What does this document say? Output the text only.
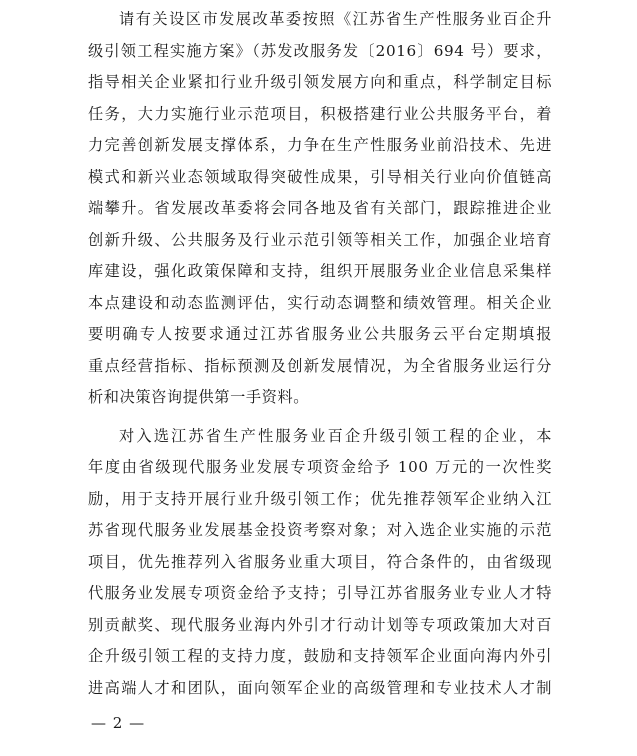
请有关设区市发展改革委按照《江苏省生产性服务业百企升
级引领工程实施方案》（苏发改服务发〔2016〕694 号）要求，
指导相关企业紧扣行业升级引领发展方向和重点，科学制定目标
任务，大力实施行业示范项目，积极搭建行业公共服务平台，着
力完善创新发展支撑体系，力争在生产性服务业前沿技术、先进
模式和新兴业态领域取得突破性成果，引导相关行业向价值链高
端攀升。省发展改革委将会同各地及省有关部门，跟踪推进企业
创新升级、公共服务及行业示范引领等相关工作，加强企业培育
库建设，强化政策保障和支持，组织开展服务业企业信息采集样
本点建设和动态监测评估，实行动态调整和绩效管理。相关企业
要明确专人按要求通过江苏省服务业公共服务云平台定期填报
重点经营指标、指标预测及创新发展情况，为全省服务业运行分
析和决策咨询提供第一手资料。
对入选江苏省生产性服务业百企升级引领工程的企业，本
年度由省级现代服务业发展专项资金给予 100 万元的一次性奖
励，用于支持开展行业升级引领工作；优先推荐领军企业纳入江
苏省现代服务业发展基金投资考察对象；对入选企业实施的示范
项目，优先推荐列入省服务业重大项目，符合条件的，由省级现
代服务业发展专项资金给予支持；引导江苏省服务业专业人才特
别贡献奖、现代服务业海内外引才行动计划等专项政策加大对百
企升级引领工程的支持力度，鼓励和支持领军企业面向海内外引
进高端人才和团队，面向领军企业的高级管理和专业技术人才制
— 2 —
